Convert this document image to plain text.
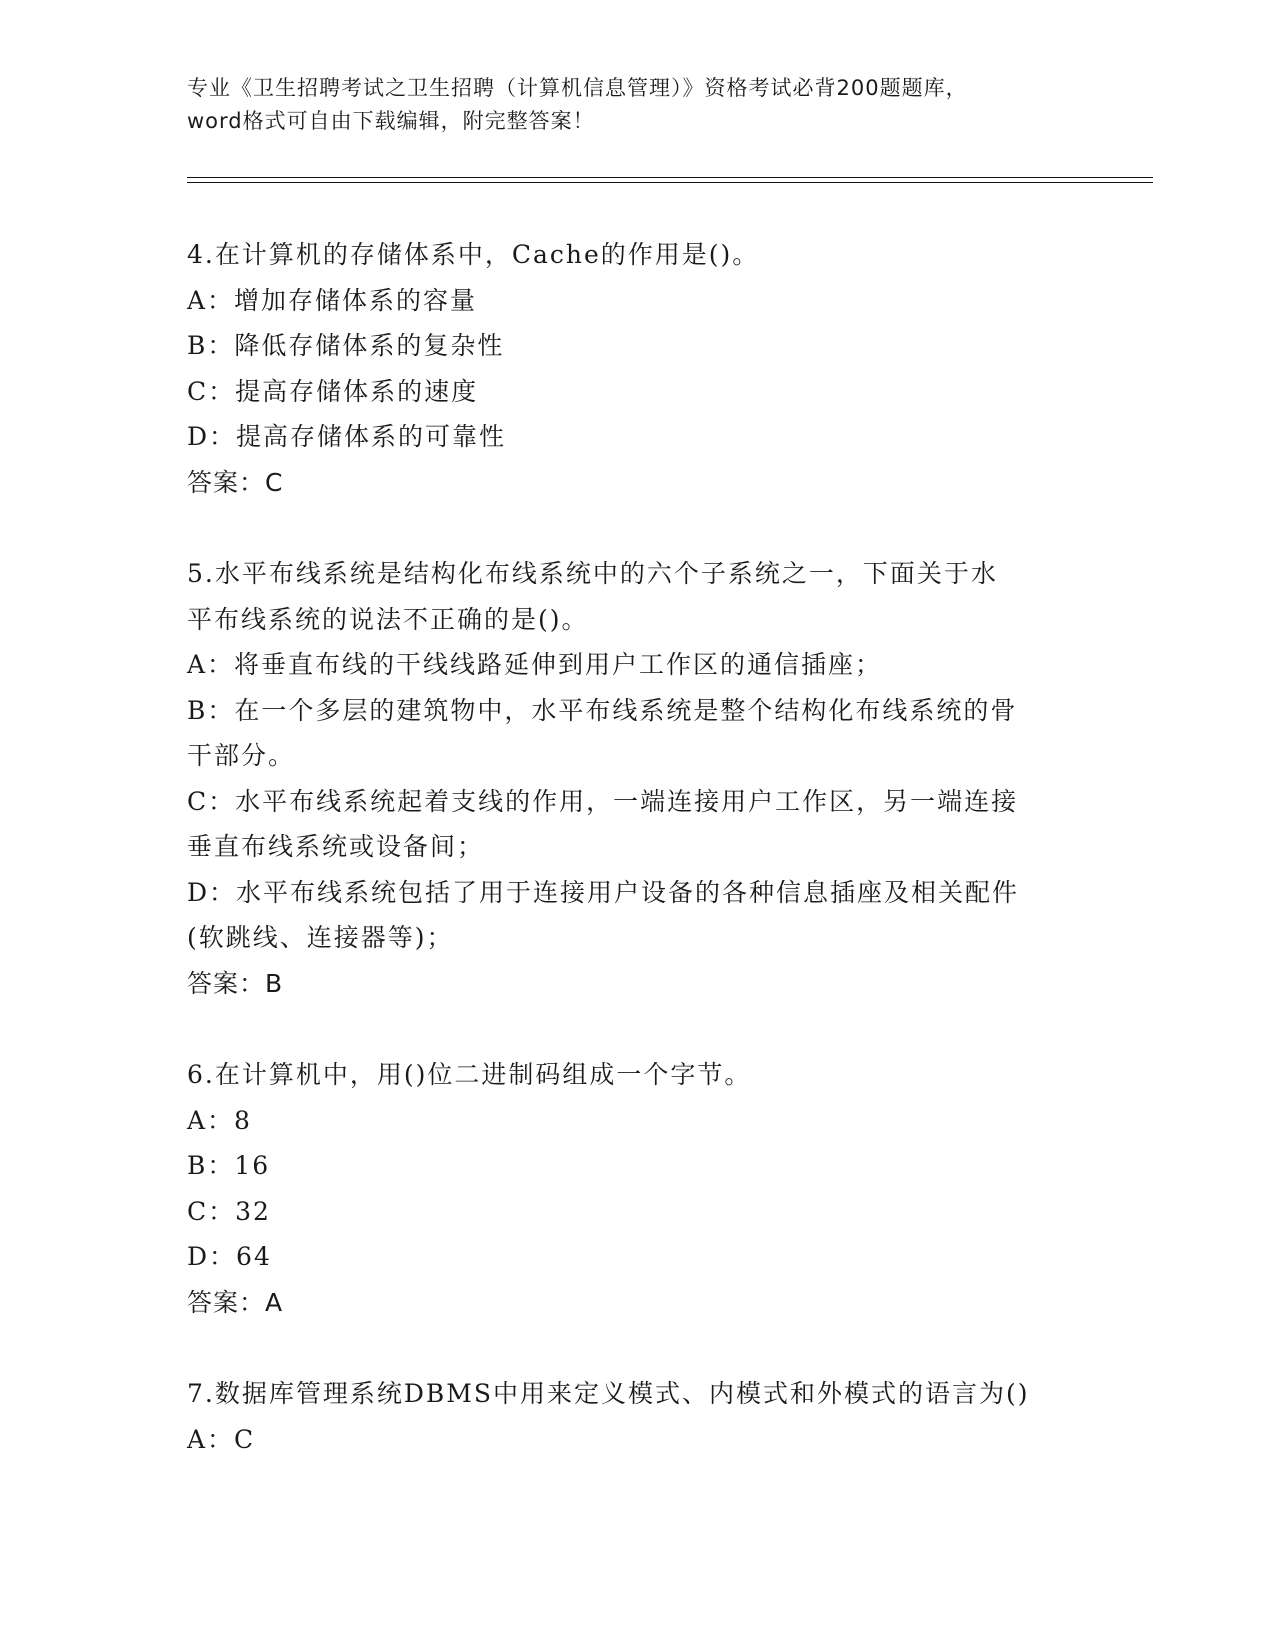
专业《卫生招聘考试之卫生招聘（计算机信息管理）》资格考试必背200题题库，

word格式可自由下载编辑，附完整答案！

4.在计算机的存储体系中，Cache的作用是()。

A：增加存储体系的容量

B：降低存储体系的复杂性

C：提高存储体系的速度

D：提高存储体系的可靠性

答案：C

5.水平布线系统是结构化布线系统中的六个子系统之一，下面关于水

平布线系统的说法不正确的是()。

A：将垂直布线的干线线路延伸到用户工作区的通信插座；

B：在一个多层的建筑物中，水平布线系统是整个结构化布线系统的骨

干部分。

C：水平布线系统起着支线的作用，一端连接用户工作区，另一端连接

垂直布线系统或设备间；

D：水平布线系统包括了用于连接用户设备的各种信息插座及相关配件

(软跳线、连接器等)；

答案：B

6.在计算机中，用()位二进制码组成一个字节。

A：8

B：16

C：32

D：64

答案：A

7.数据库管理系统DBMS中用来定义模式、内模式和外模式的语言为()

A：C
